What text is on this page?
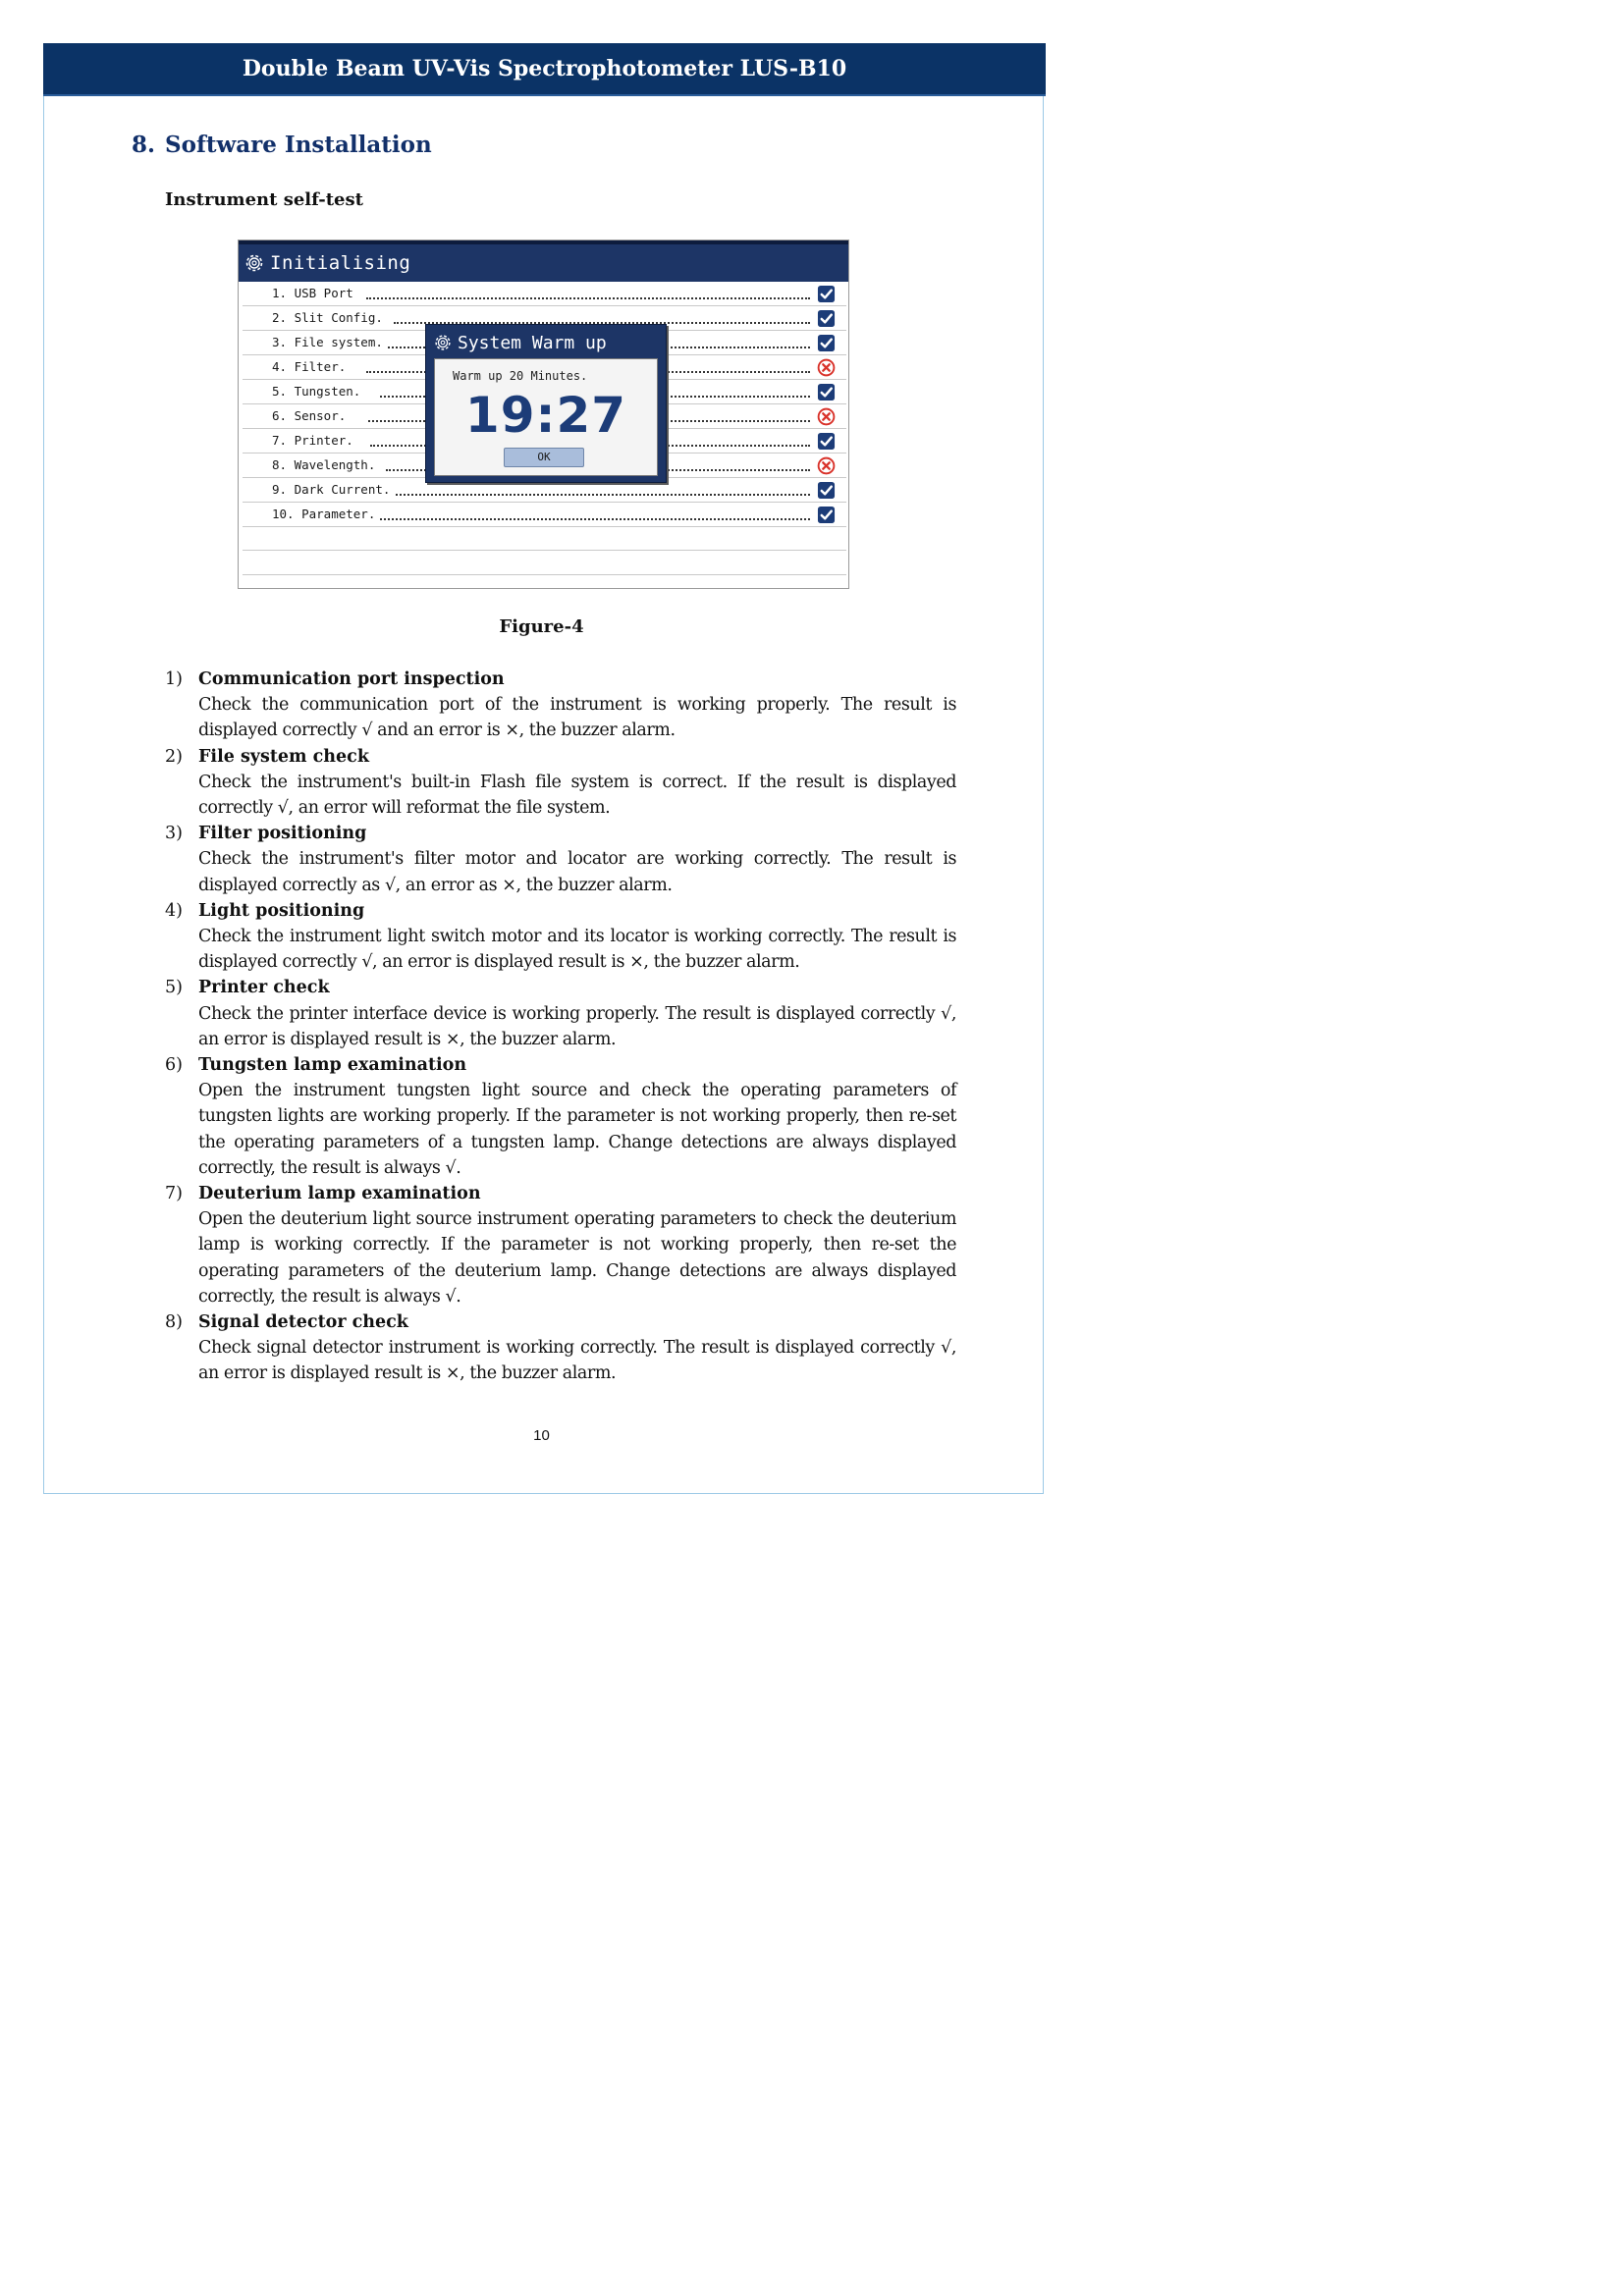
Double Beam UV-Vis Spectrophotometer LUS-B10
8. Software Installation
Instrument self-test
Initialising
1. USB Port
2. Slit Config.
3. File system.
4. Filter.
5. Tungsten.
6. Sensor.
7. Printer.
8. Wavelength.
9. Dark Current.
10. Parameter.
System Warm up
Warm up 20 Minutes.
19:27
OK
Figure-4
1) Communication port inspection

Check the communication port of the instrument is working properly. The result is displayed correctly √ and an error is ×, the buzzer alarm.

2) File system check

Check the instrument's built-in Flash file system is correct. If the result is displayed correctly √, an error will reformat the file system.

3) Filter positioning

Check the instrument's filter motor and locator are working correctly. The result is displayed correctly as √, an error as ×, the buzzer alarm.

4) Light positioning

Check the instrument light switch motor and its locator is working correctly. The result is displayed correctly √, an error is displayed result is ×, the buzzer alarm.

5) Printer check

Check the printer interface device is working properly. The result is displayed correctly √, an error is displayed result is ×, the buzzer alarm.

6) Tungsten lamp examination

Open the instrument tungsten light source and check the operating parameters of tungsten lights are working properly. If the parameter is not working properly, then re-set the operating parameters of a tungsten lamp. Change detections are always displayed correctly, the result is always √.

7) Deuterium lamp examination

Open the deuterium light source instrument operating parameters to check the deuterium lamp is working correctly. If the parameter is not working properly, then re-set the operating parameters of the deuterium lamp. Change detections are always displayed correctly, the result is always √.

8) Signal detector check

Check signal detector instrument is working correctly. The result is displayed correctly √, an error is displayed result is ×, the buzzer alarm.

10
